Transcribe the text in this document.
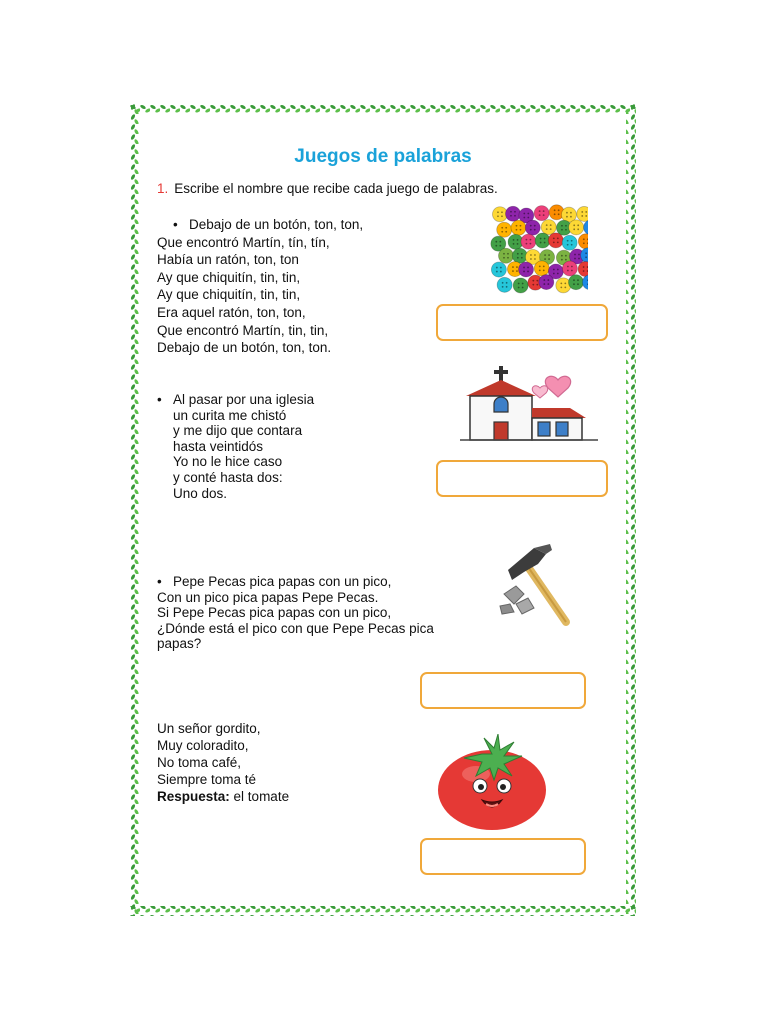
Juegos de palabras
1. Escribe el nombre que recibe cada juego de palabras.
• Debajo de un botón, ton, ton,
Que encontró Martín, tín, tín,
Había un ratón, ton, ton
Ay que chiquitín, tin, tin,
Ay que chiquitín, tin, tin,
Era aquel ratón, ton, ton,
Que encontró Martín, tin, tin,
Debajo de un botón, ton, ton.
• Al pasar por una iglesia
un curita me chistó
y me dijo que contara
hasta veintidós
Yo no le hice caso
y conté hasta dos:
Uno dos.
• Pepe Pecas pica papas con un pico,
Con un pico pica papas Pepe Pecas.
Si Pepe Pecas pica papas con un pico,
¿Dónde está el pico con que Pepe Pecas pica
papas?
Un señor gordito,
Muy coloradito,
No toma café,
Siempre toma té
Respuesta: el tomate
